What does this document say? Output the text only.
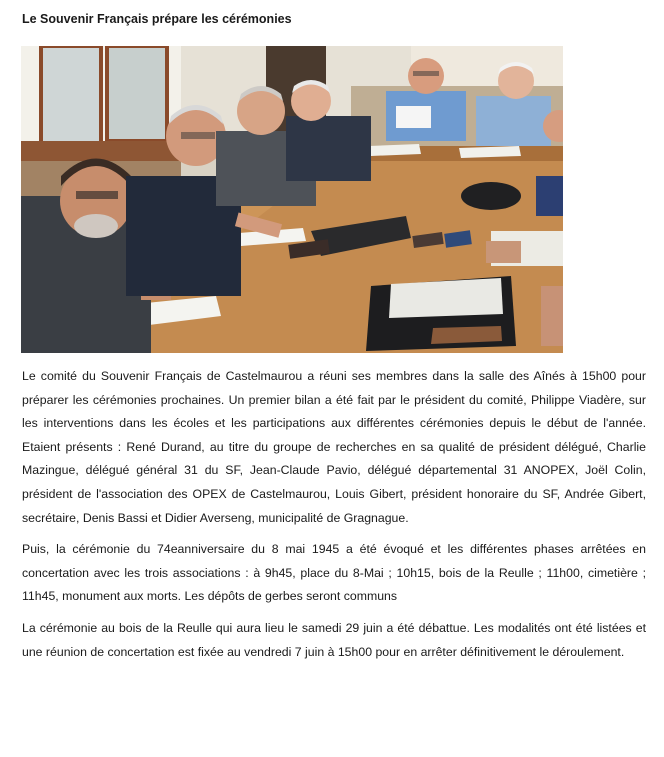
Le Souvenir Français prépare les cérémonies

Le comité du Souvenir Français de Castelmaurou a réuni ses membres dans la salle des Aînés à 15h00 pour préparer les cérémonies prochaines. Un premier bilan a été fait par le président du comité, Philippe Viadère, sur les interventions dans les écoles et les participations aux différentes cérémonies depuis le début de l'année. Etaient présents : René Durand, au titre du groupe de recherches en sa qualité de président délégué, Charlie Mazingue, délégué général 31 du SF, Jean-Claude Pavio, délégué départemental 31 ANOPEX, Joël Colin, président de l'association des OPEX de Castelmaurou, Louis Gibert, président honoraire du SF, Andrée Gibert, secrétaire, Denis Bassi et Didier Averseng, municipalité de Gragnague.

Puis, la cérémonie du 74eanniversaire du 8 mai 1945 a été évoqué et les différentes phases arrêtées en concertation avec les trois associations : à 9h45, place du 8-Mai ; 10h15, bois de la Reulle ; 11h00, cimetière ; 11h45, monument aux morts. Les dépôts de gerbes seront communs

La cérémonie au bois de la Reulle qui aura lieu le samedi 29 juin a été débattue. Les modalités ont été listées et une réunion de concertation est fixée au vendredi 7 juin à 15h00 pour en arrêter définitivement le déroulement.
